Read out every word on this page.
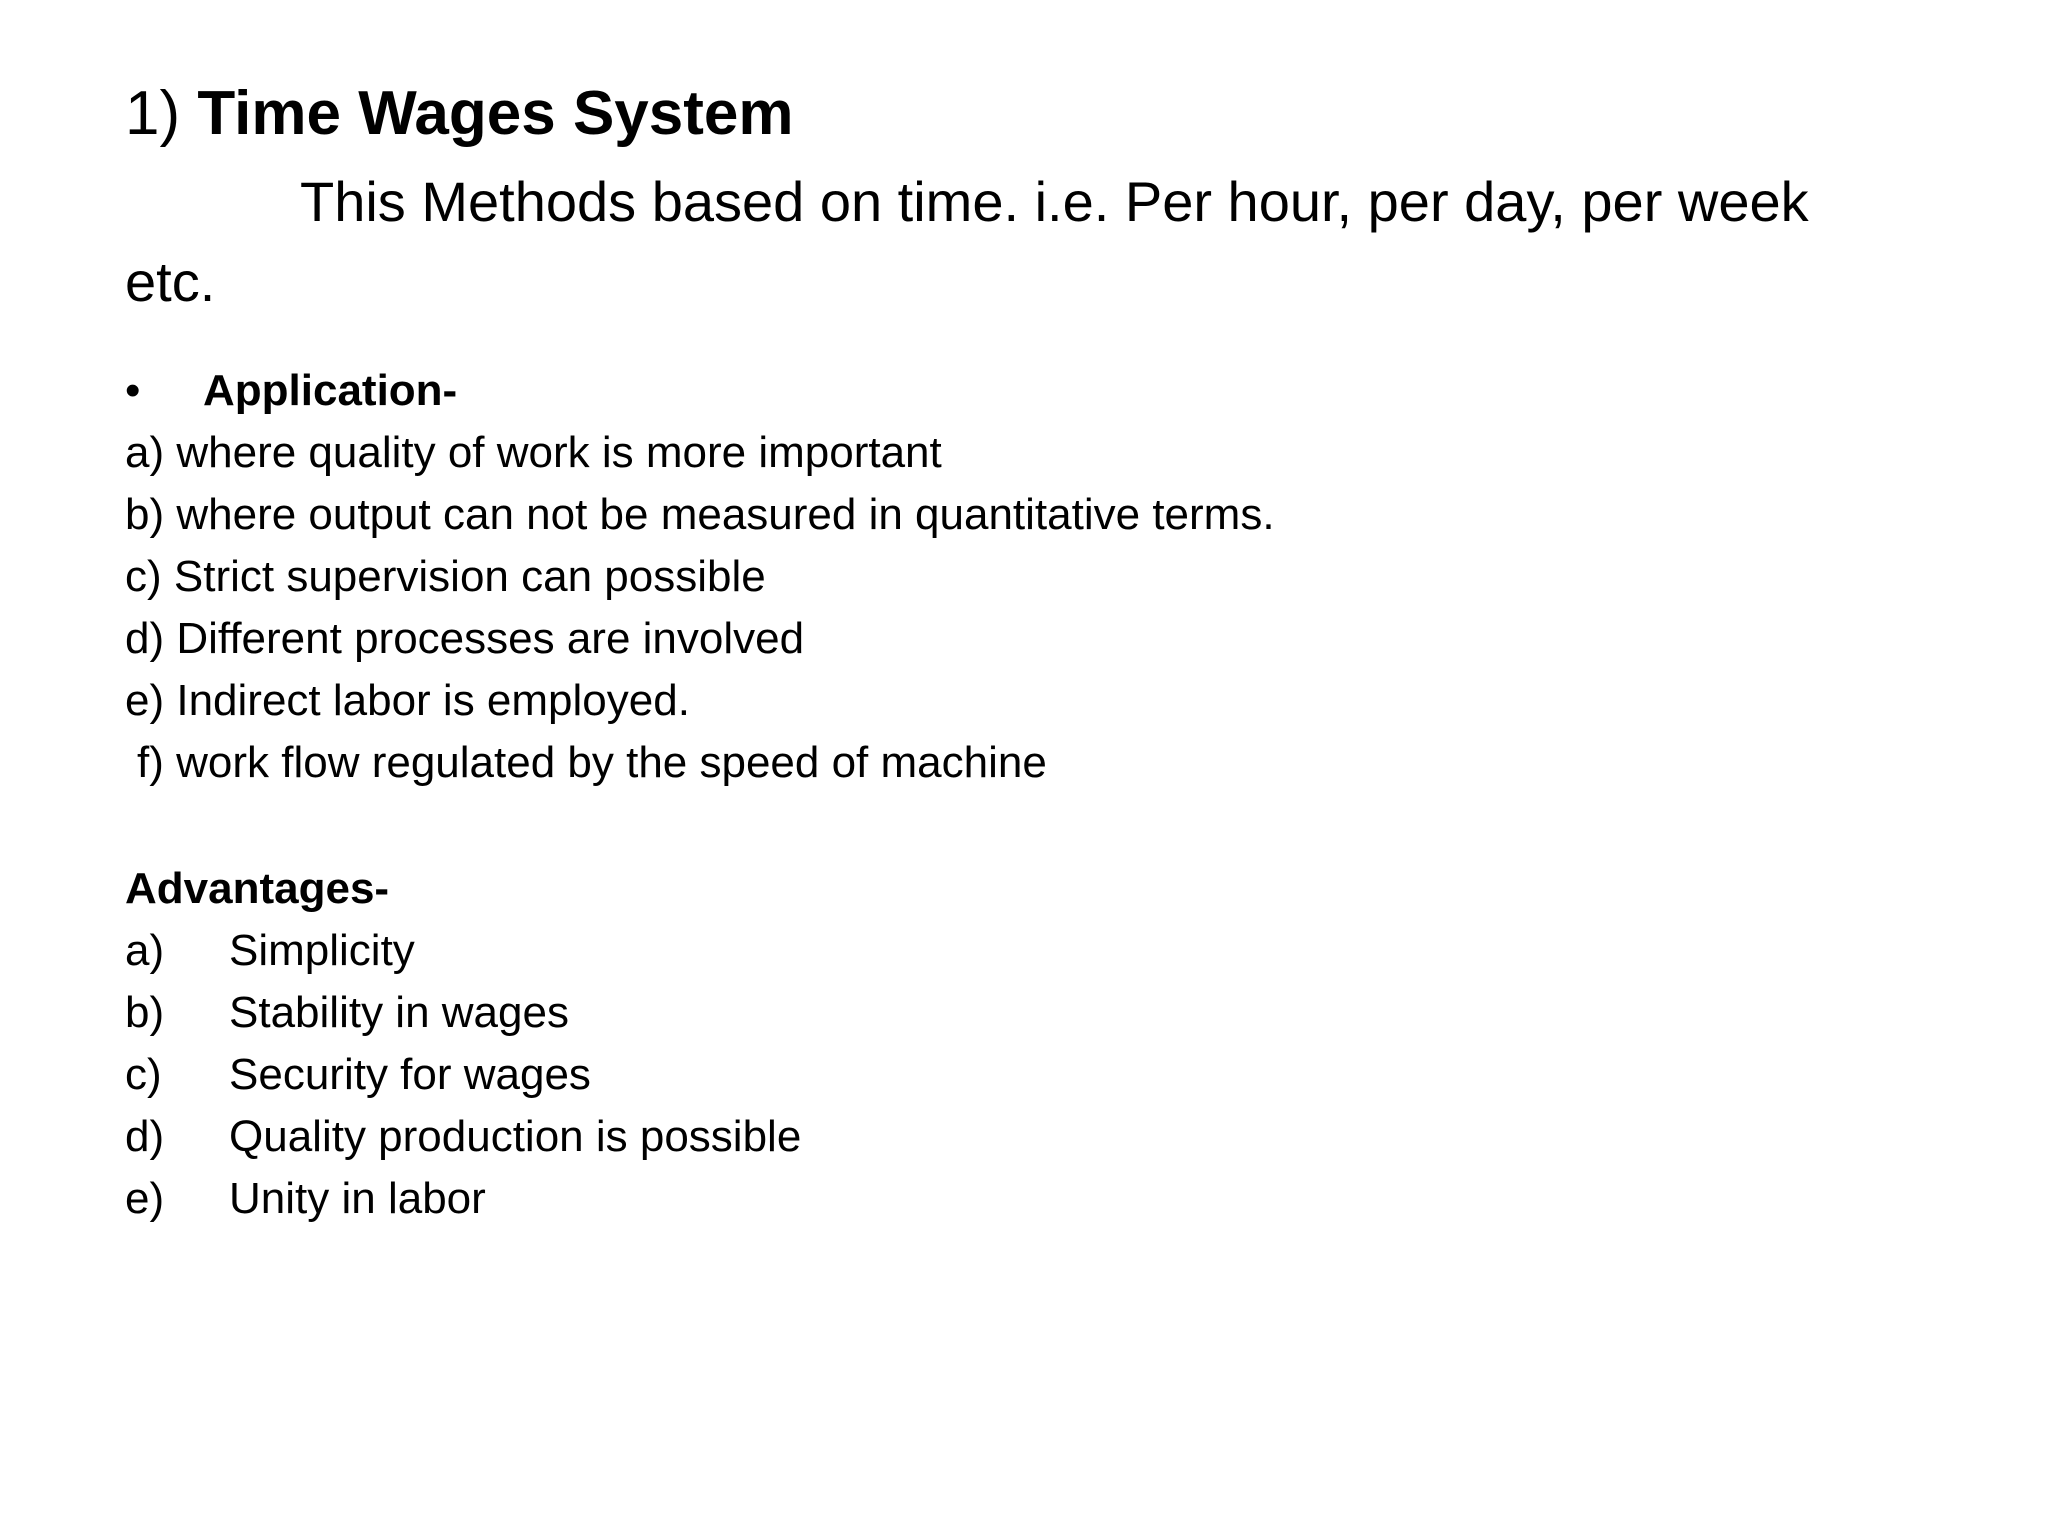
1) Time Wages System
This Methods based on time. i.e. Per hour, per day, per week
etc.
• Application-
a) where quality of work is more important
b) where output can not be measured in quantitative terms.
c) Strict supervision can possible
d) Different processes are involved
e) Indirect labor is employed.
f) work flow regulated by the speed of machine
Advantages-
a) Simplicity
b) Stability in wages
c) Security for wages
d) Quality production is possible
e) Unity in labor
